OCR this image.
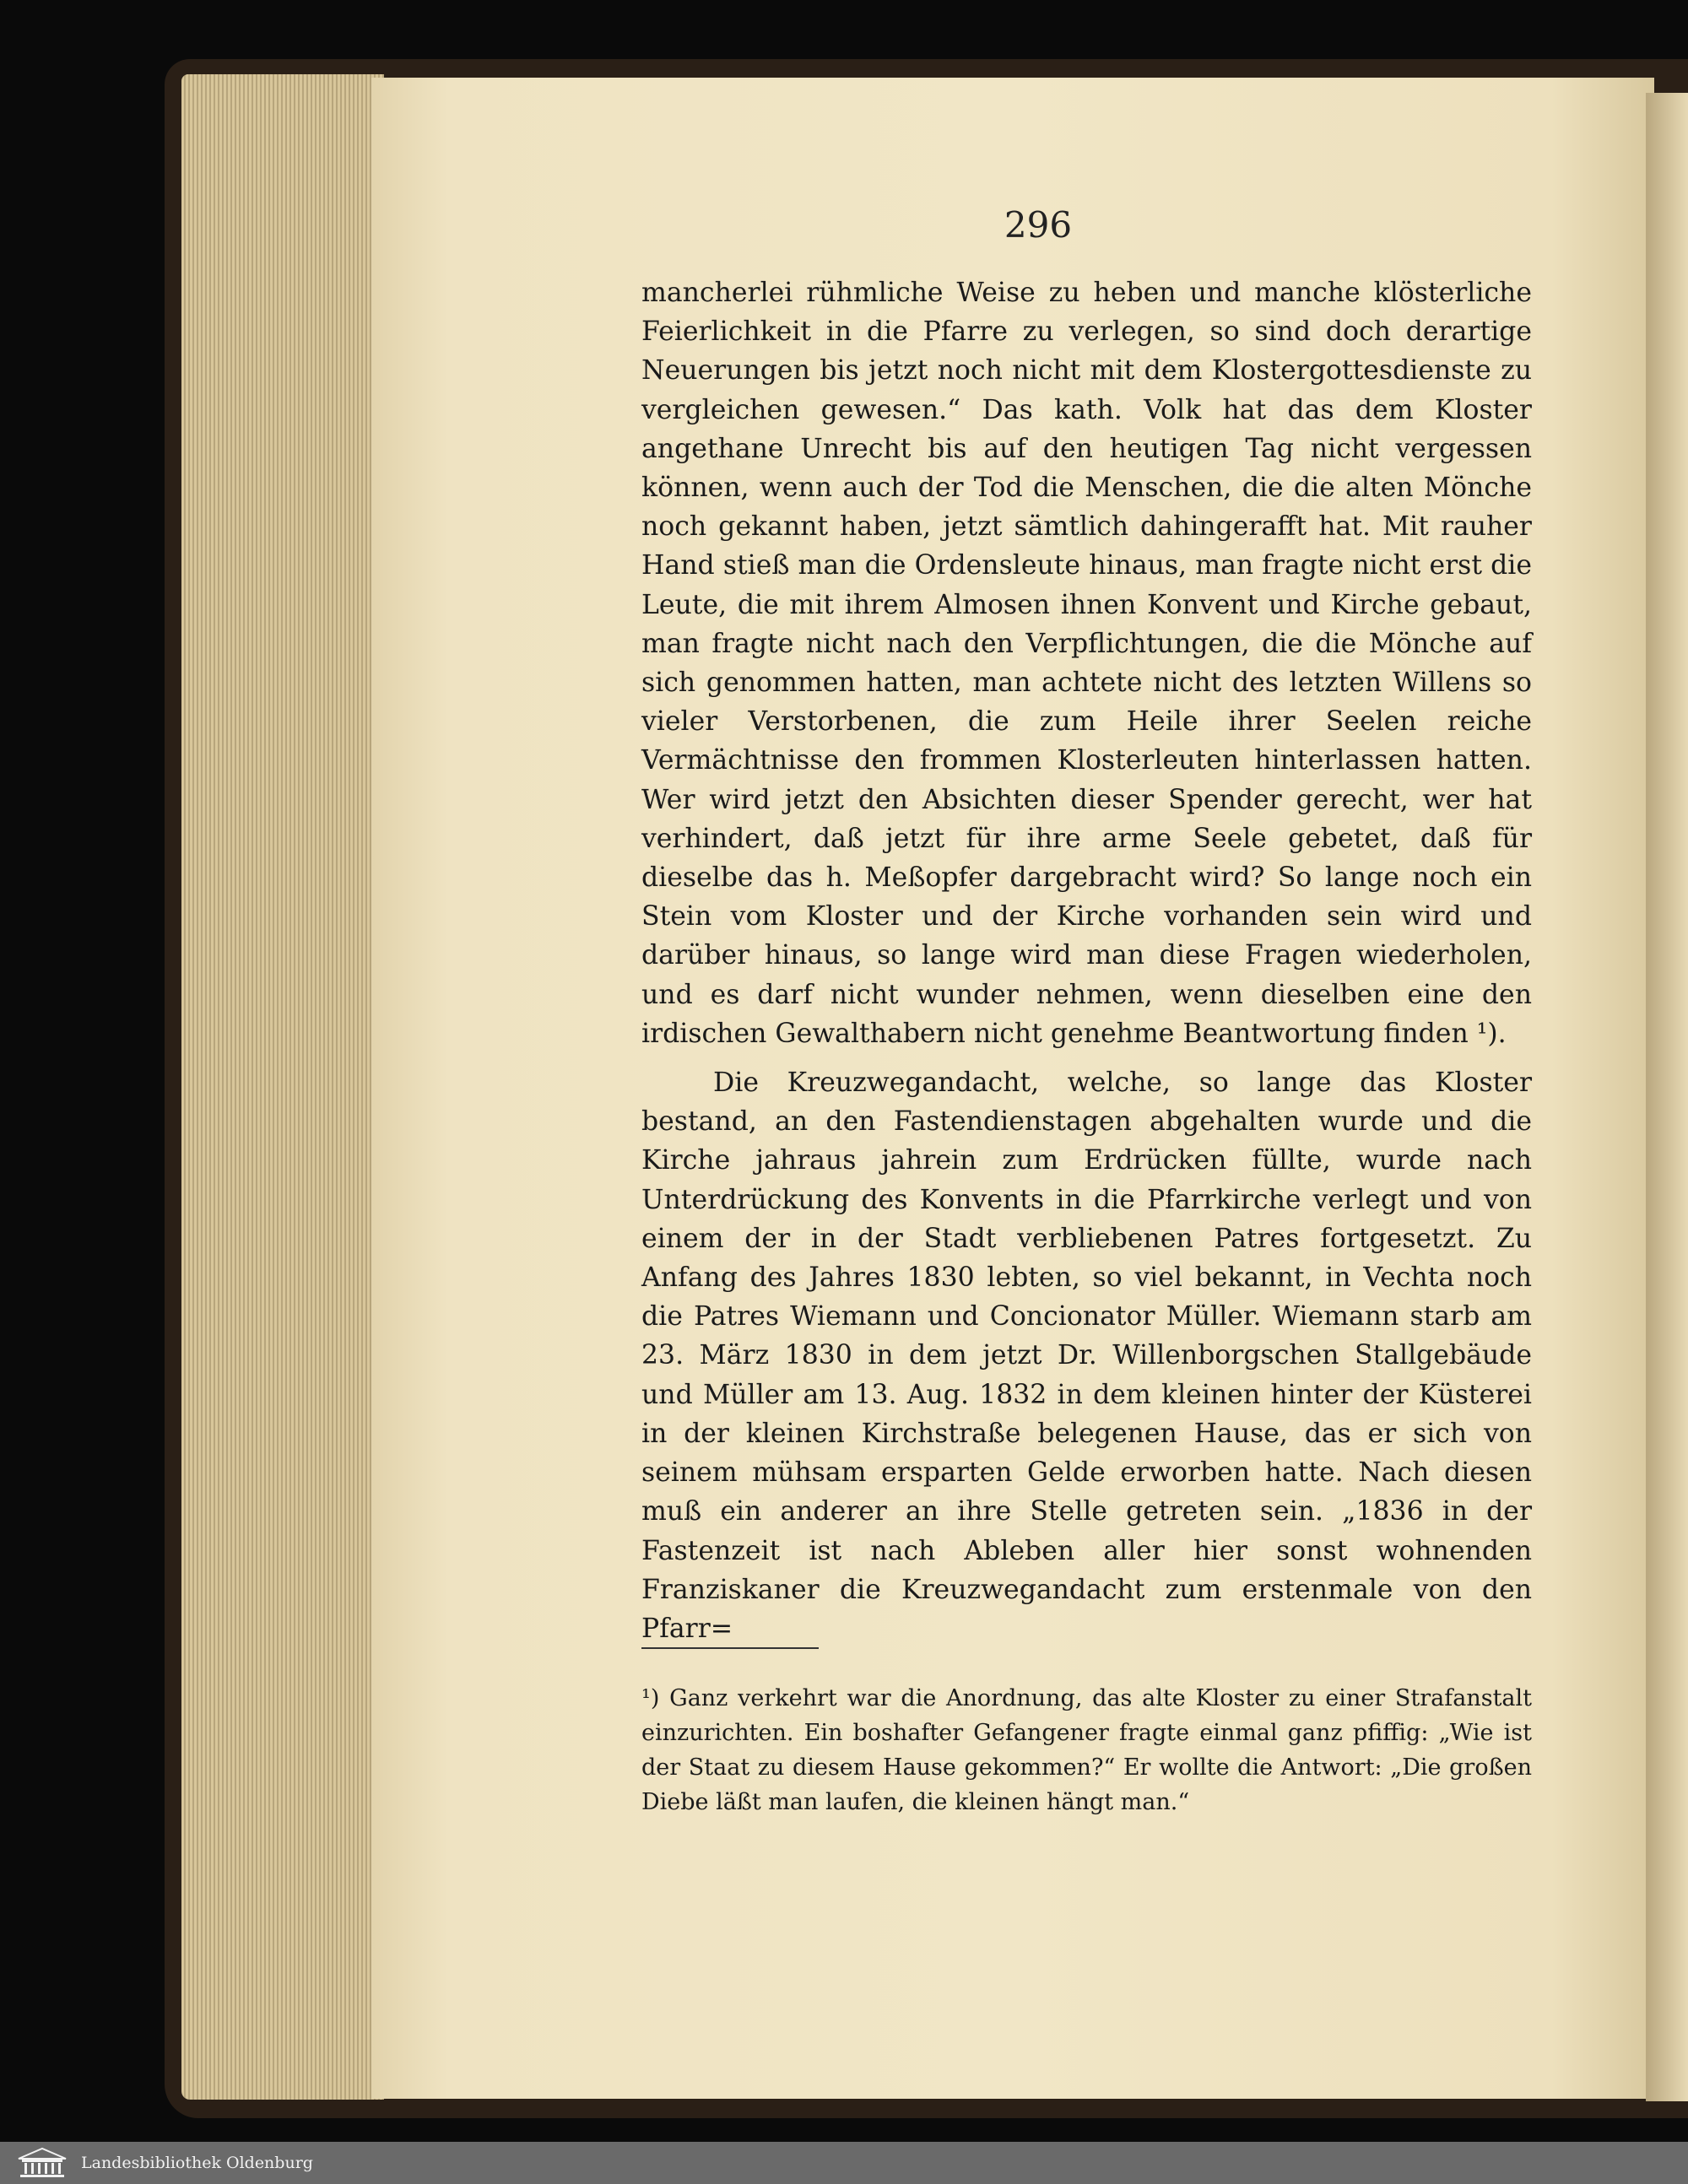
296

mancherlei rühmliche Weise zu heben und manche klösterliche Feierlichkeit in die Pfarre zu verlegen, so sind doch derartige Neuerungen bis jetzt noch nicht mit dem Klostergottesdienste zu vergleichen gewesen.“ Das kath. Volk hat das dem Kloster angethane Unrecht bis auf den heutigen Tag nicht vergessen können, wenn auch der Tod die Menschen, die die alten Mönche noch gekannt haben, jetzt sämtlich dahingerafft hat. Mit rauher Hand stieß man die Ordensleute hinaus, man fragte nicht erst die Leute, die mit ihrem Almosen ihnen Konvent und Kirche gebaut, man fragte nicht nach den Verpflichtungen, die die Mönche auf sich genommen hatten, man achtete nicht des letzten Willens so vieler Verstorbenen, die zum Heile ihrer Seelen reiche Vermächtnisse den frommen Klosterleuten hinterlassen hatten. Wer wird jetzt den Absichten dieser Spender gerecht, wer hat verhindert, daß jetzt für ihre arme Seele gebetet, daß für dieselbe das h. Meßopfer dargebracht wird? So lange noch ein Stein vom Kloster und der Kirche vorhanden sein wird und darüber hinaus, so lange wird man diese Fragen wiederholen, und es darf nicht wunder nehmen, wenn dieselben eine den irdischen Gewalthabern nicht genehme Beantwortung finden ¹).

Die Kreuzwegandacht, welche, so lange das Kloster bestand, an den Fastendienstagen abgehalten wurde und die Kirche jahraus jahrein zum Erdrücken füllte, wurde nach Unterdrückung des Konvents in die Pfarrkirche verlegt und von einem der in der Stadt verbliebenen Patres fortgesetzt. Zu Anfang des Jahres 1830 lebten, so viel bekannt, in Vechta noch die Patres Wiemann und Concionator Müller. Wiemann starb am 23. März 1830 in dem jetzt Dr. Willenborgschen Stallgebäude und Müller am 13. Aug. 1832 in dem kleinen hinter der Küsterei in der kleinen Kirchstraße belegenen Hause, das er sich von seinem mühsam ersparten Gelde erworben hatte. Nach diesen muß ein anderer an ihre Stelle getreten sein. „1836 in der Fastenzeit ist nach Ableben aller hier sonst wohnenden Franziskaner die Kreuzwegandacht zum erstenmale von den Pfarr=

¹) Ganz verkehrt war die Anordnung, das alte Kloster zu einer Strafanstalt einzurichten. Ein boshafter Gefangener fragte einmal ganz pfiffig: „Wie ist der Staat zu diesem Hause gekommen?“ Er wollte die Antwort: „Die großen Diebe läßt man laufen, die kleinen hängt man.“
Landesbibliothek Oldenburg
